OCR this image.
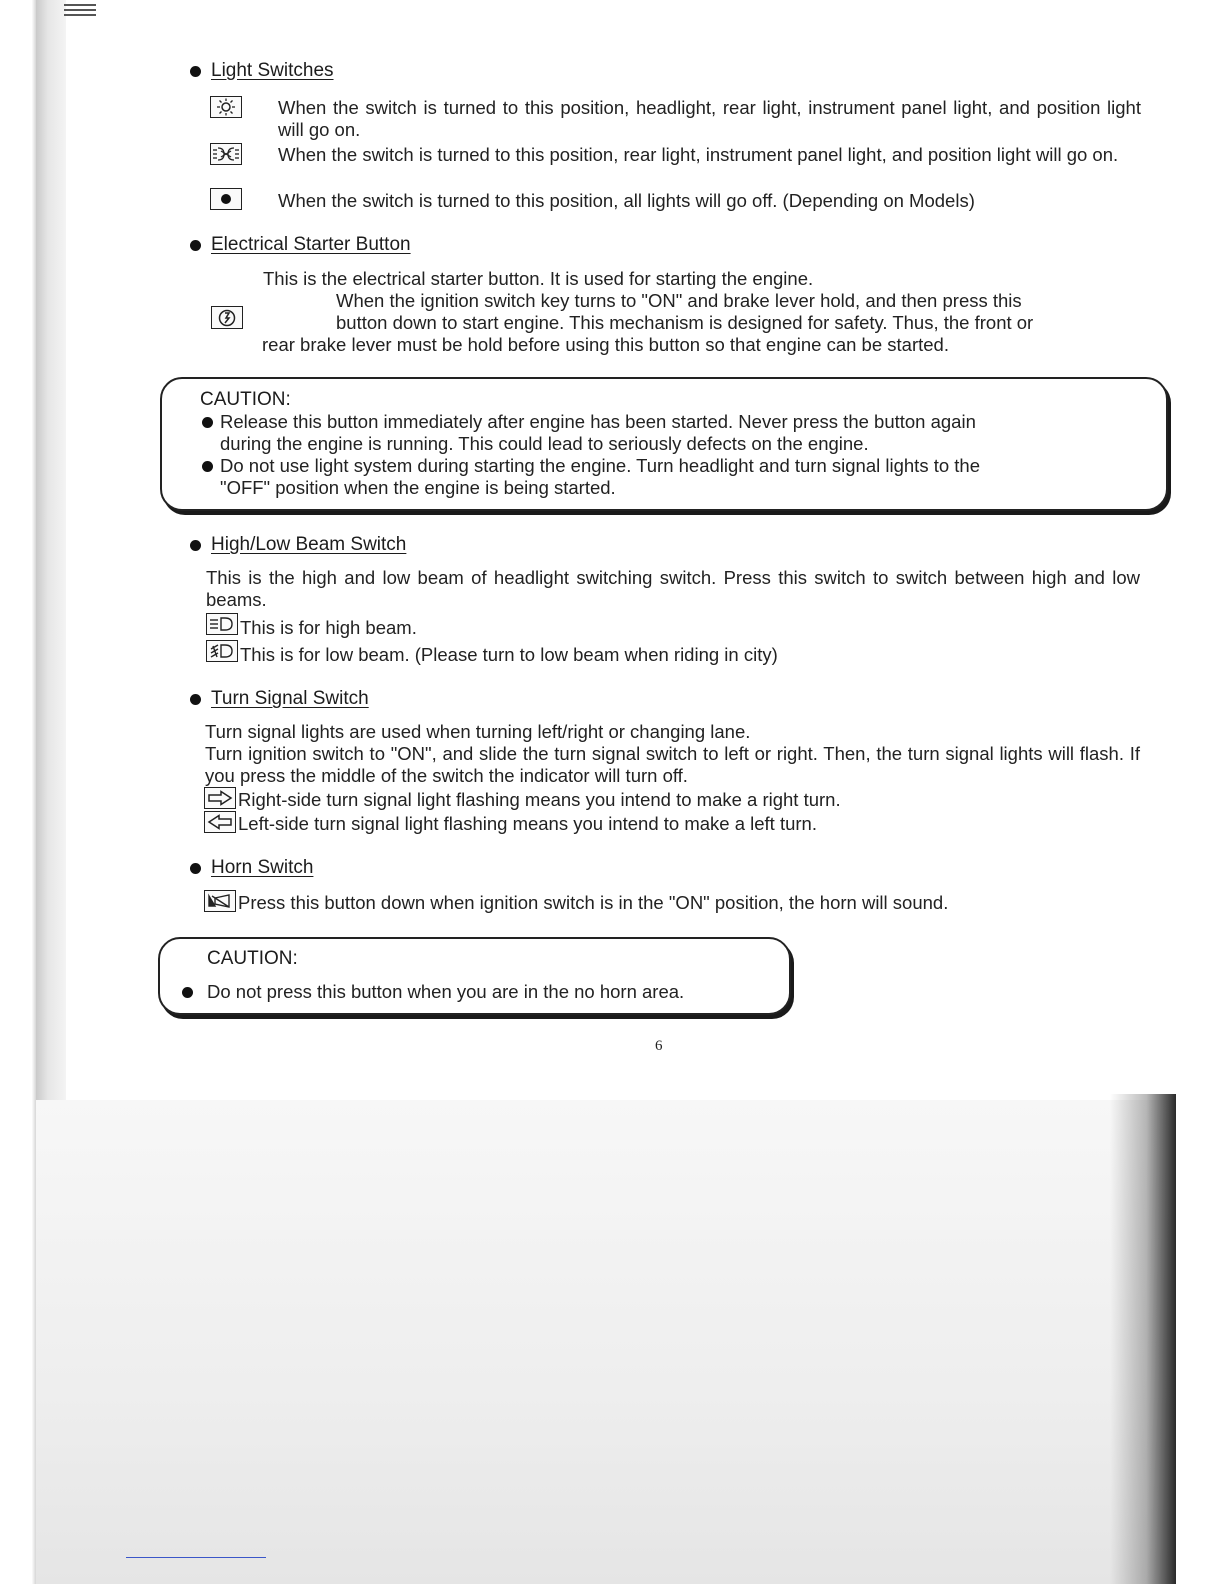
Light Switches
When the switch is turned to this position, headlight, rear light, instrument panel light, and position light will go on.
When the switch is turned to this position, rear light, instrument panel light, and position light will go on.
When the switch is turned to this position, all lights will go off. (Depending on Models)
Electrical Starter Button
This is the electrical starter button. It is used for starting the engine.
When the ignition switch key turns to "ON" and brake lever hold, and then press this
button down to start engine. This mechanism is designed for safety. Thus, the front or
rear brake lever must be hold before using this button so that engine can be started.
CAUTION:
Release this button immediately after engine has been started. Never press the button again
during the engine is running. This could lead to seriously defects on the engine.
Do not use light system during starting the engine. Turn headlight and turn signal lights to the
"OFF" position when the engine is being started.
High/Low Beam Switch
This is the high and low beam of headlight switching switch. Press this switch to switch between high and low beams.
This is for high beam.
This is for low beam. (Please turn to low beam when riding in city)
Turn Signal Switch
Turn signal lights are used when turning left/right or changing lane.
Turn ignition switch to "ON", and slide the turn signal switch to left or right. Then, the turn signal lights will flash. If you press the middle of the switch the indicator will turn off.
Right-side turn signal light flashing means you intend to make a right turn.
Left-side turn signal light flashing means you intend to make a left turn.
Horn Switch
Press this button down when ignition switch is in the "ON" position, the horn will sound.
CAUTION:
Do not press this button when you are in the no horn area.
6
